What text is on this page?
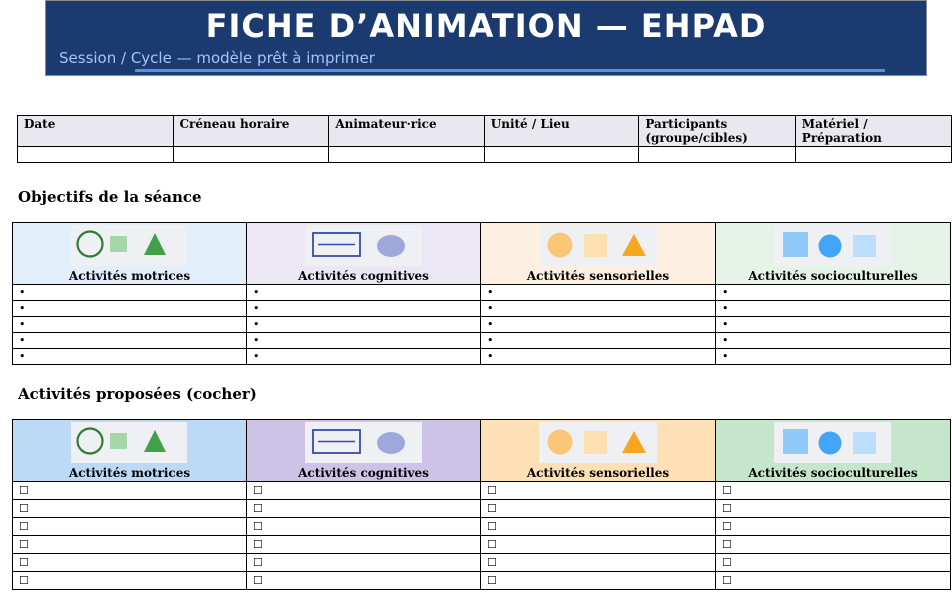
FICHE D’ANIMATION — EHPAD
Session / Cycle — modèle prêt à imprimer
Date	Créneau horaire	Animateur·rice	Unité / Lieu	Participants (groupe/cibles)	Matériel / Préparation

Objectifs de la séance
Activités motrices	Activités cognitives	Activités sensorielles	Activités socioculturelles

•	•	•	•
•	•	•	•
•	•	•	•
•	•	•	•
•	•	•	•
Activités proposées (cocher)
Activités motrices	Activités cognitives	Activités sensorielles	Activités socioculturelles

☐	☐	☐	☐
☐	☐	☐	☐
☐	☐	☐	☐
☐	☐	☐	☐
☐	☐	☐	☐
☐	☐	☐	☐
